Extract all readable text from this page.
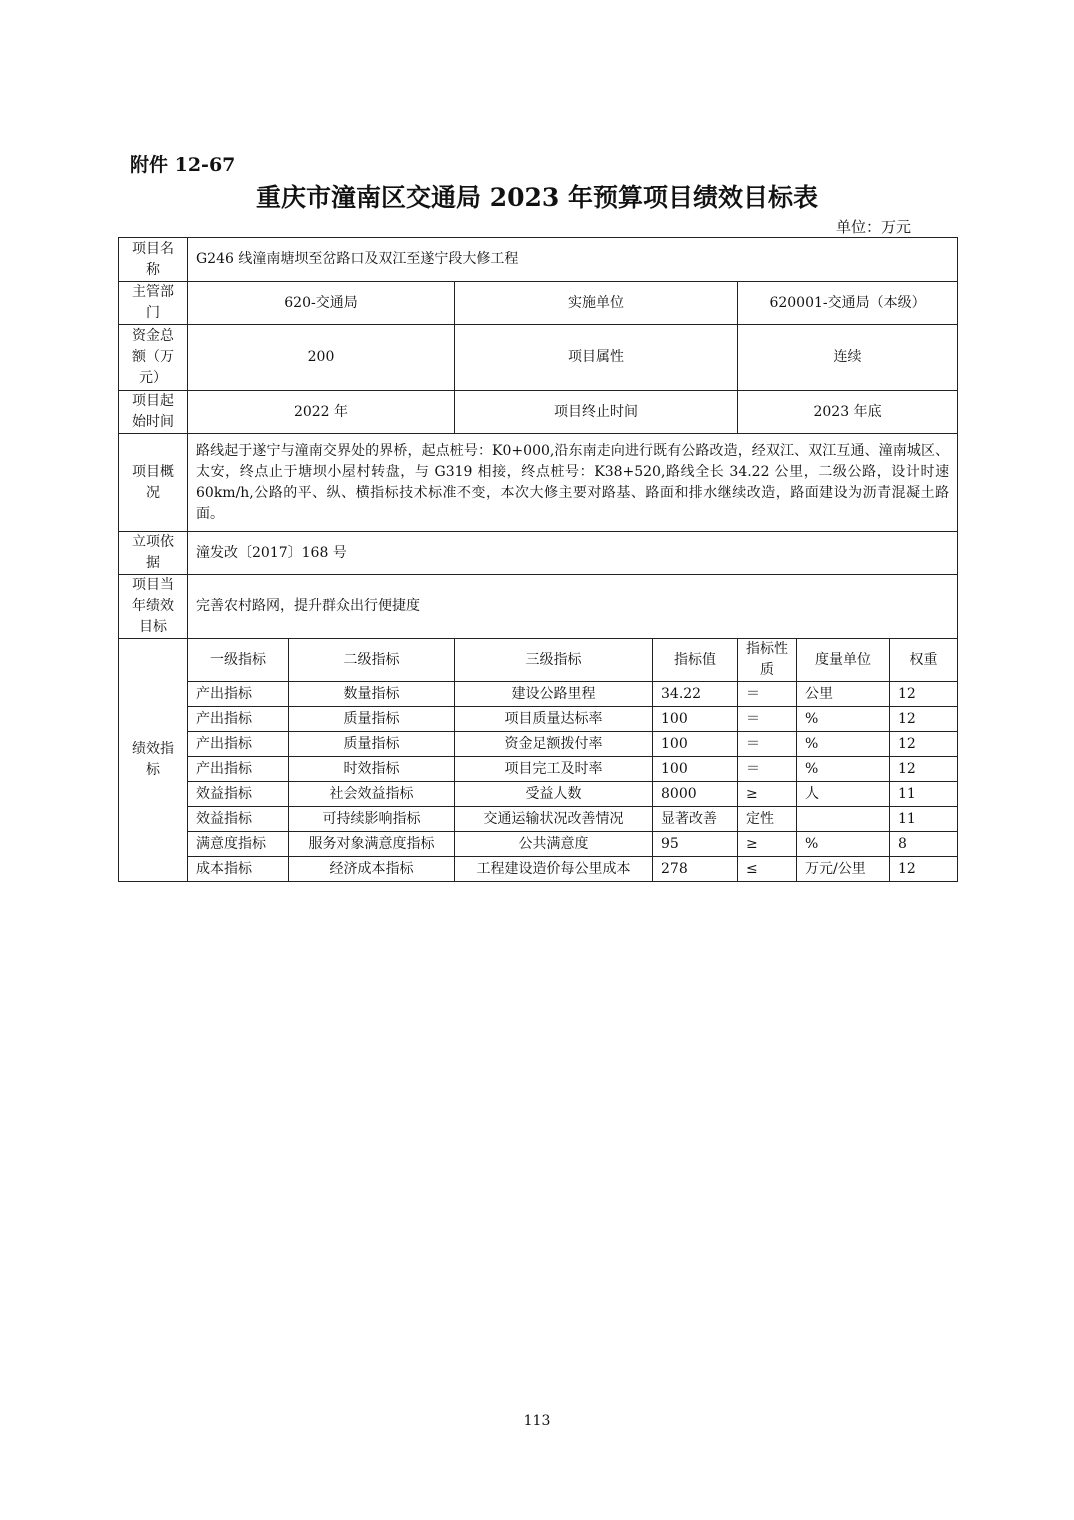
附件 12-67
重庆市潼南区交通局 2023 年预算项目绩效目标表
单位：万元
项目名称	G246 线潼南塘坝至岔路口及双江至遂宁段大修工程						
主管部门	620-交通局		实施单位		620001-交通局（本级）		
资金总额（万元）	200		项目属性		连续		
项目起始时间	2022 年		项目终止时间		2023 年底		
项目概况	路线起于遂宁与潼南交界处的界桥，起点桩号：K0+000,沿东南走向进行既有公路改造，经双江、双江互通、潼南城区、太安，终点止于塘坝小屋村转盘，与 G319 相接，终点桩号：K38+520,路线全长 34.22 公里，二级公路，设计时速 60km/h,公路的平、纵、横指标技术标准不变，本次大修主要对路基、路面和排水继续改造，路面建设为沥青混凝土路面。						
立项依据	潼发改〔2017〕168 号						
项目当年绩效目标	完善农村路网，提升群众出行便捷度						
绩效指标	一级指标	二级指标	三级指标	指标值	指标性质	度量单位	权重
	产出指标	数量指标	建设公路里程	34.22	＝	公里	12
	产出指标	质量指标	项目质量达标率	100	＝	%	12
	产出指标	质量指标	资金足额拨付率	100	＝	%	12
	产出指标	时效指标	项目完工及时率	100	＝	%	12
	效益指标	社会效益指标	受益人数	8000	≥	人	11
	效益指标	可持续影响指标	交通运输状况改善情况	显著改善	定性		11
	满意度指标	服务对象满意度指标	公共满意度	95	≥	%	8
	成本指标	经济成本指标	工程建设造价每公里成本	278	≤	万元/公里	12
113
